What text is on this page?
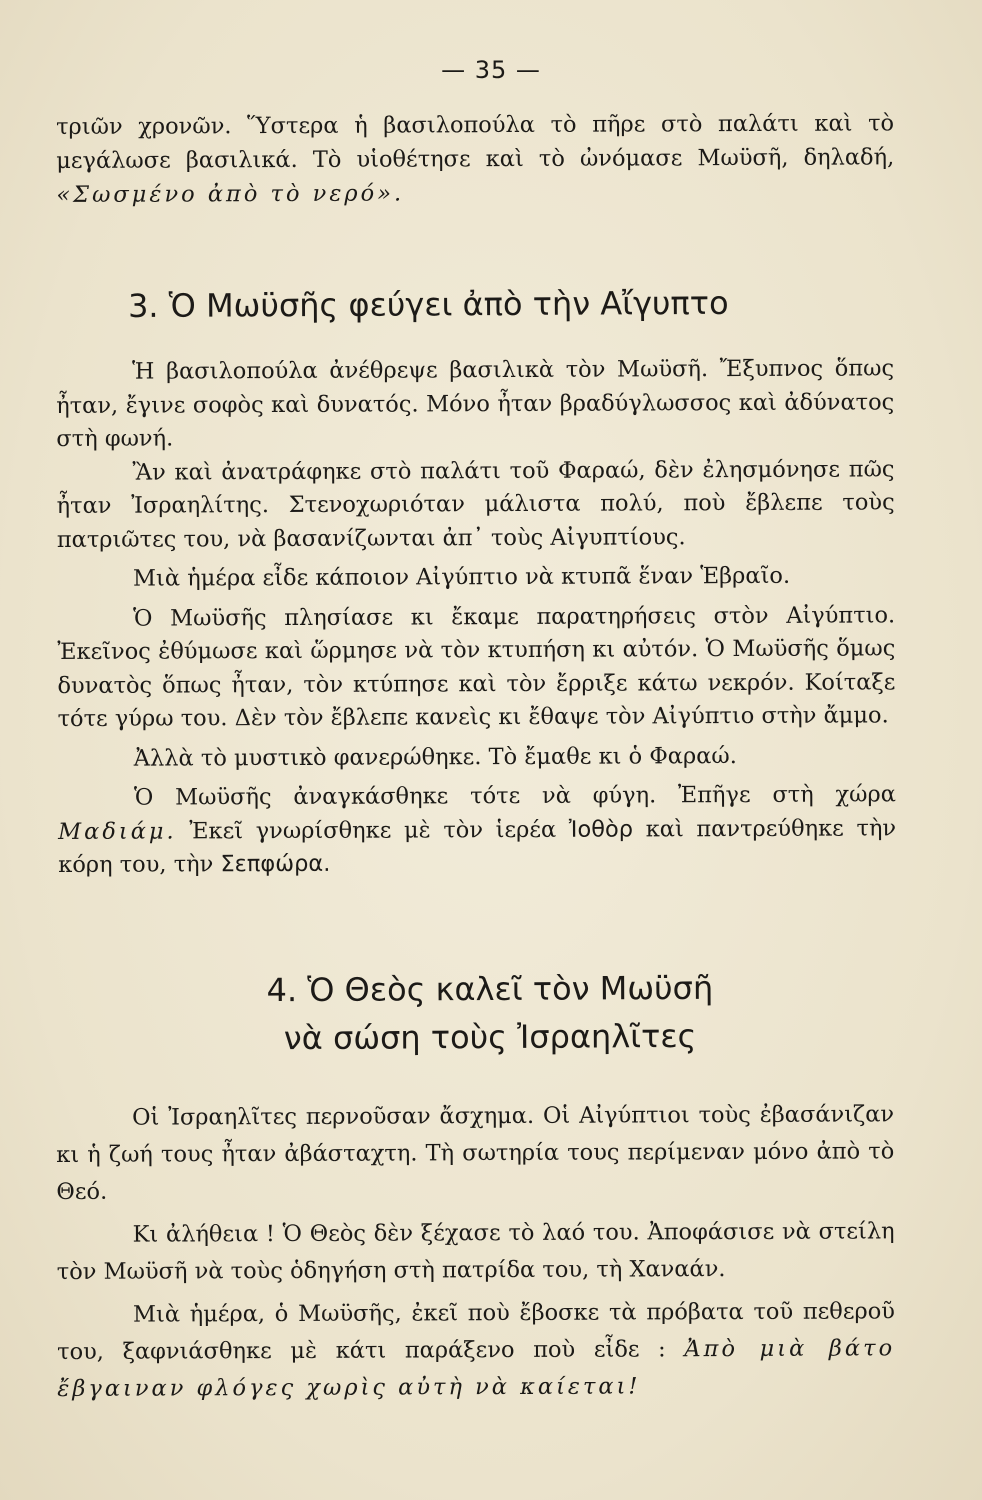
— 35 —

τριῶν χρονῶν. Ὕστερα ἡ βασιλοπούλα τὸ πῆρε στὸ παλάτι καὶ τὸ μεγάλωσε βασιλικά. Τὸ υἱοθέτησε καὶ τὸ ὠνόμασε Μωϋσῆ, δηλαδή, «Σωσμένο ἀπὸ τὸ νερό».

3. Ὁ Μωϋσῆς φεύγει ἀπὸ τὴν Αἴγυπτο

Ἡ βασιλοπούλα ἀνέθρεψε βασιλικὰ τὸν Μωϋσῆ. Ἔξυπνος ὅπως ἦταν, ἔγινε σοφὸς καὶ δυνατός. Μόνο ἦταν βραδύγλωσσος καὶ ἀδύνατος στὴ φωνή.

Ἂν καὶ ἀνατράφηκε στὸ παλάτι τοῦ Φαραώ, δὲν ἐλησμόνησε πῶς ἦταν Ἰσραηλίτης. Στενοχωριόταν μάλιστα πολύ, ποὺ ἔβλεπε τοὺς πατριῶτες του, νὰ βασανίζωνται ἀπ᾽ τοὺς Αἰγυπτίους.

Μιὰ ἡμέρα εἶδε κάποιον Αἰγύπτιο νὰ κτυπᾶ ἕναν Ἑβραῖο.

Ὁ Μωϋσῆς πλησίασε κι ἔκαμε παρατηρήσεις στὸν Αἰγύπτιο. Ἐκεῖνος ἐθύμωσε καὶ ὥρμησε νὰ τὸν κτυπήση κι αὐτόν. Ὁ Μωϋσῆς ὅμως δυνατὸς ὅπως ἦταν, τὸν κτύπησε καὶ τὸν ἔρριξε κάτω νεκρόν. Κοίταξε τότε γύρω του. Δὲν τὸν ἔβλεπε κανεὶς κι ἔθαψε τὸν Αἰγύπτιο στὴν ἄμμο.

Ἀλλὰ τὸ μυστικὸ φανερώθηκε. Τὸ ἔμαθε κι ὁ Φαραώ.

Ὁ Μωϋσῆς ἀναγκάσθηκε τότε νὰ φύγη. Ἐπῆγε στὴ χώρα Μαδιάμ. Ἐκεῖ γνωρίσθηκε μὲ τὸν ἱερέα Ἰοθὸρ καὶ παντρεύθηκε τὴν κόρη του, τὴν Σεπφώρα.

4. Ὁ Θεὸς καλεῖ τὸν Μωϋσῆ
νὰ σώση τοὺς Ἰσραηλῖτες

Οἱ Ἰσραηλῖτες περνοῦσαν ἄσχημα. Οἱ Αἰγύπτιοι τοὺς ἐβασάνιζαν κι ἡ ζωή τους ἦταν ἀβάσταχτη. Τὴ σωτηρία τους περίμεναν μόνο ἀπὸ τὸ Θεό.

Κι ἀλήθεια ! Ὁ Θεὸς δὲν ξέχασε τὸ λαό του. Ἀποφάσισε νὰ στείλη τὸν Μωϋσῆ νὰ τοὺς ὁδηγήση στὴ πατρίδα του, τὴ Χαναάν.

Μιὰ ἡμέρα, ὁ Μωϋσῆς, ἐκεῖ ποὺ ἔβοσκε τὰ πρόβατα τοῦ πεθεροῦ του, ξαφνιάσθηκε μὲ κάτι παράξενο ποὺ εἶδε : Ἀπὸ μιὰ βάτο ἔβγαιναν φλόγες χωρὶς αὐτὴ νὰ καίεται!
